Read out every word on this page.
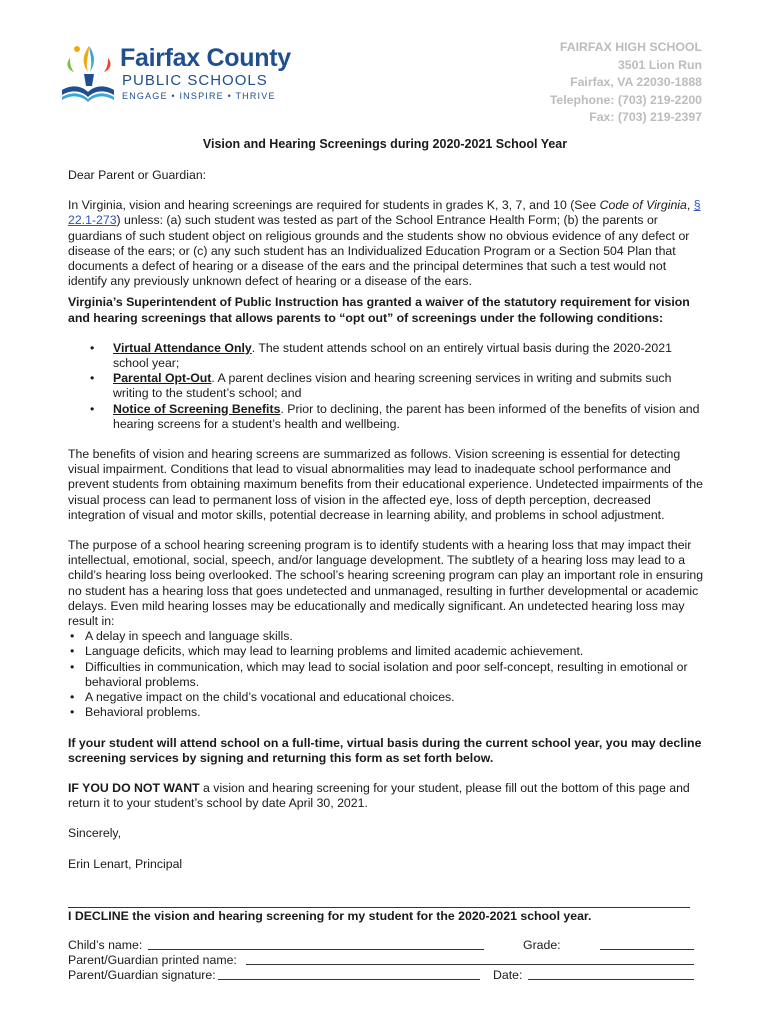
Fairfax County
PUBLIC SCHOOLS
ENGAGE • INSPIRE • THRIVE
FAIRFAX HIGH SCHOOL
3501 Lion Run
Fairfax, VA 22030-1888
Telephone: (703) 219-2200
Fax: (703) 219-2397
Vision and Hearing Screenings during 2020-2021 School Year

Dear Parent or Guardian:

In Virginia, vision and hearing screenings are required for students in grades K, 3, 7, and 10 (See Code of Virginia, § 22.1-273) unless: (a) such student was tested as part of the School Entrance Health Form; (b) the parents or guardians of such student object on religious grounds and the students show no obvious evidence of any defect or disease of the ears; or (c) any such student has an Individualized Education Program or a Section 504 Plan that documents a defect of hearing or a disease of the ears and the principal determines that such a test would not identify any previously unknown defect of hearing or a disease of the ears.

Virginia’s Superintendent of Public Instruction has granted a waiver of the statutory requirement for vision and hearing screenings that allows parents to “opt out” of screenings under the following conditions:

• Virtual Attendance Only. The student attends school on an entirely virtual basis during the 2020-2021 school year;
• Parental Opt-Out. A parent declines vision and hearing screening services in writing and submits such writing to the student’s school; and
• Notice of Screening Benefits. Prior to declining, the parent has been informed of the benefits of vision and hearing screens for a student’s health and wellbeing.

The benefits of vision and hearing screens are summarized as follows. Vision screening is essential for detecting visual impairment. Conditions that lead to visual abnormalities may lead to inadequate school performance and prevent students from obtaining maximum benefits from their educational experience. Undetected impairments of the visual process can lead to permanent loss of vision in the affected eye, loss of depth perception, decreased integration of visual and motor skills, potential decrease in learning ability, and problems in school adjustment.

The purpose of a school hearing screening program is to identify students with a hearing loss that may impact their intellectual, emotional, social, speech, and/or language development. The subtlety of a hearing loss may lead to a child’s hearing loss being overlooked. The school’s hearing screening program can play an important role in ensuring no student has a hearing loss that goes undetected and unmanaged, resulting in further developmental or academic delays. Even mild hearing losses may be educationally and medically significant. An undetected hearing loss may result in:

• A delay in speech and language skills.
• Language deficits, which may lead to learning problems and limited academic achievement.
• Difficulties in communication, which may lead to social isolation and poor self-concept, resulting in emotional or behavioral problems.
• A negative impact on the child’s vocational and educational choices.
• Behavioral problems.

If your student will attend school on a full-time, virtual basis during the current school year, you may decline screening services by signing and returning this form as set forth below.

IF YOU DO NOT WANT a vision and hearing screening for your student, please fill out the bottom of this page and return it to your student’s school by date April 30, 2021.

Sincerely,

Erin Lenart, Principal

I DECLINE the vision and hearing screening for my student for the 2020-2021 school year.
Child’s name:	Grade:
Parent/Guardian printed name:
Parent/Guardian signature:	Date:
